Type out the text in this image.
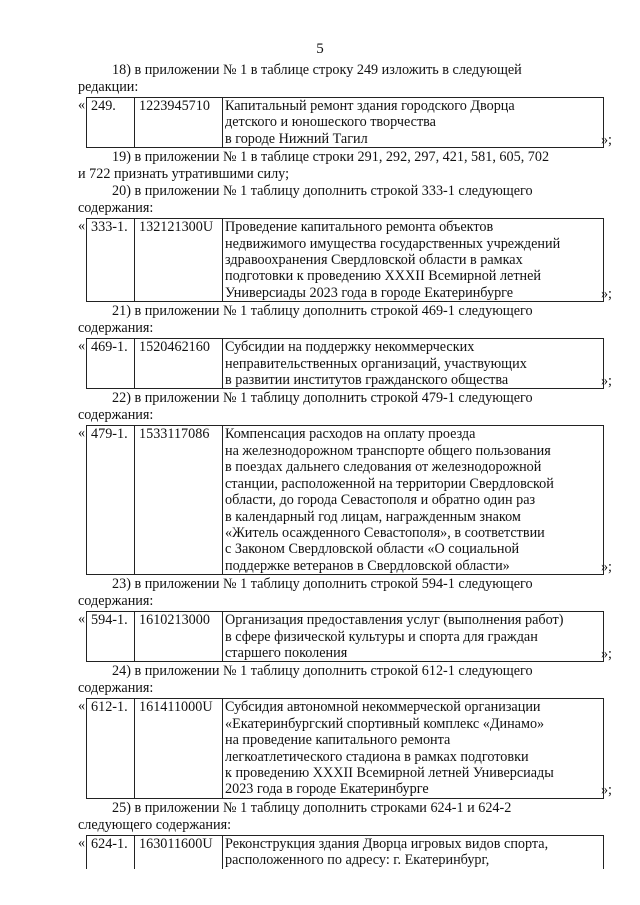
5

18) в приложении № 1 в таблице строку 249 изложить в следующей

редакции:

« 249.	1223945710	Капитальный ремонт здания городского Дворца
детского и юношеского творчества
в городе Нижний Тагил	»;

19) в приложении № 1 в таблице строки 291, 292, 297, 421, 581, 605, 702

и 722 признать утратившими силу;

20) в приложении № 1 таблицу дополнить строкой 333-1 следующего

содержания:

« 333-1. 132121300U Проведение капитального ремонта объектов
недвижимого имущества государственных учреждений
здравоохранения Свердловской области в рамках
подготовки к проведению XXXII Всемирной летней
Универсиады 2023 года в городе Екатеринбурге	»;

21) в приложении № 1 таблицу дополнить строкой 469-1 следующего

содержания:

« 469-1. 1520462160	Субсидии на поддержку некоммерческих
неправительственных организаций, участвующих
в развитии институтов гражданского общества	»;

22) в приложении № 1 таблицу дополнить строкой 479-1 следующего

содержания:

« 479-1. 1533117086	Компенсация расходов на оплату проезда
на железнодорожном транспорте общего пользования
в поездах дальнего следования от железнодорожной
станции, расположенной на территории Свердловской
области, до города Севастополя и обратно один раз
в календарный год лицам, награжденным знаком
«Житель осажденного Севастополя», в соответствии
с Законом Свердловской области «О социальной
поддержке ветеранов в Свердловской области»	»;

23) в приложении № 1 таблицу дополнить строкой 594-1 следующего

содержания:

« 594-1. 1610213000	Организация предоставления услуг (выполнения работ)
в сфере физической культуры и спорта для граждан
старшего поколения	»;

24) в приложении № 1 таблицу дополнить строкой 612-1 следующего

содержания:

« 612-1. 161411000U Субсидия автономной некоммерческой организации
«Екатеринбургский спортивный комплекс «Динамо»
на проведение капитального ремонта
легкоатлетического стадиона в рамках подготовки
к проведению XXXII Всемирной летней Универсиады
2023 года в городе Екатеринбурге	»;

25) в приложении № 1 таблицу дополнить строками 624-1 и 624-2

следующего содержания:

« 624-1. 163011600U Реконструкция здания Дворца игровых видов спорта,
расположенного по адресу: г. Екатеринбург,
